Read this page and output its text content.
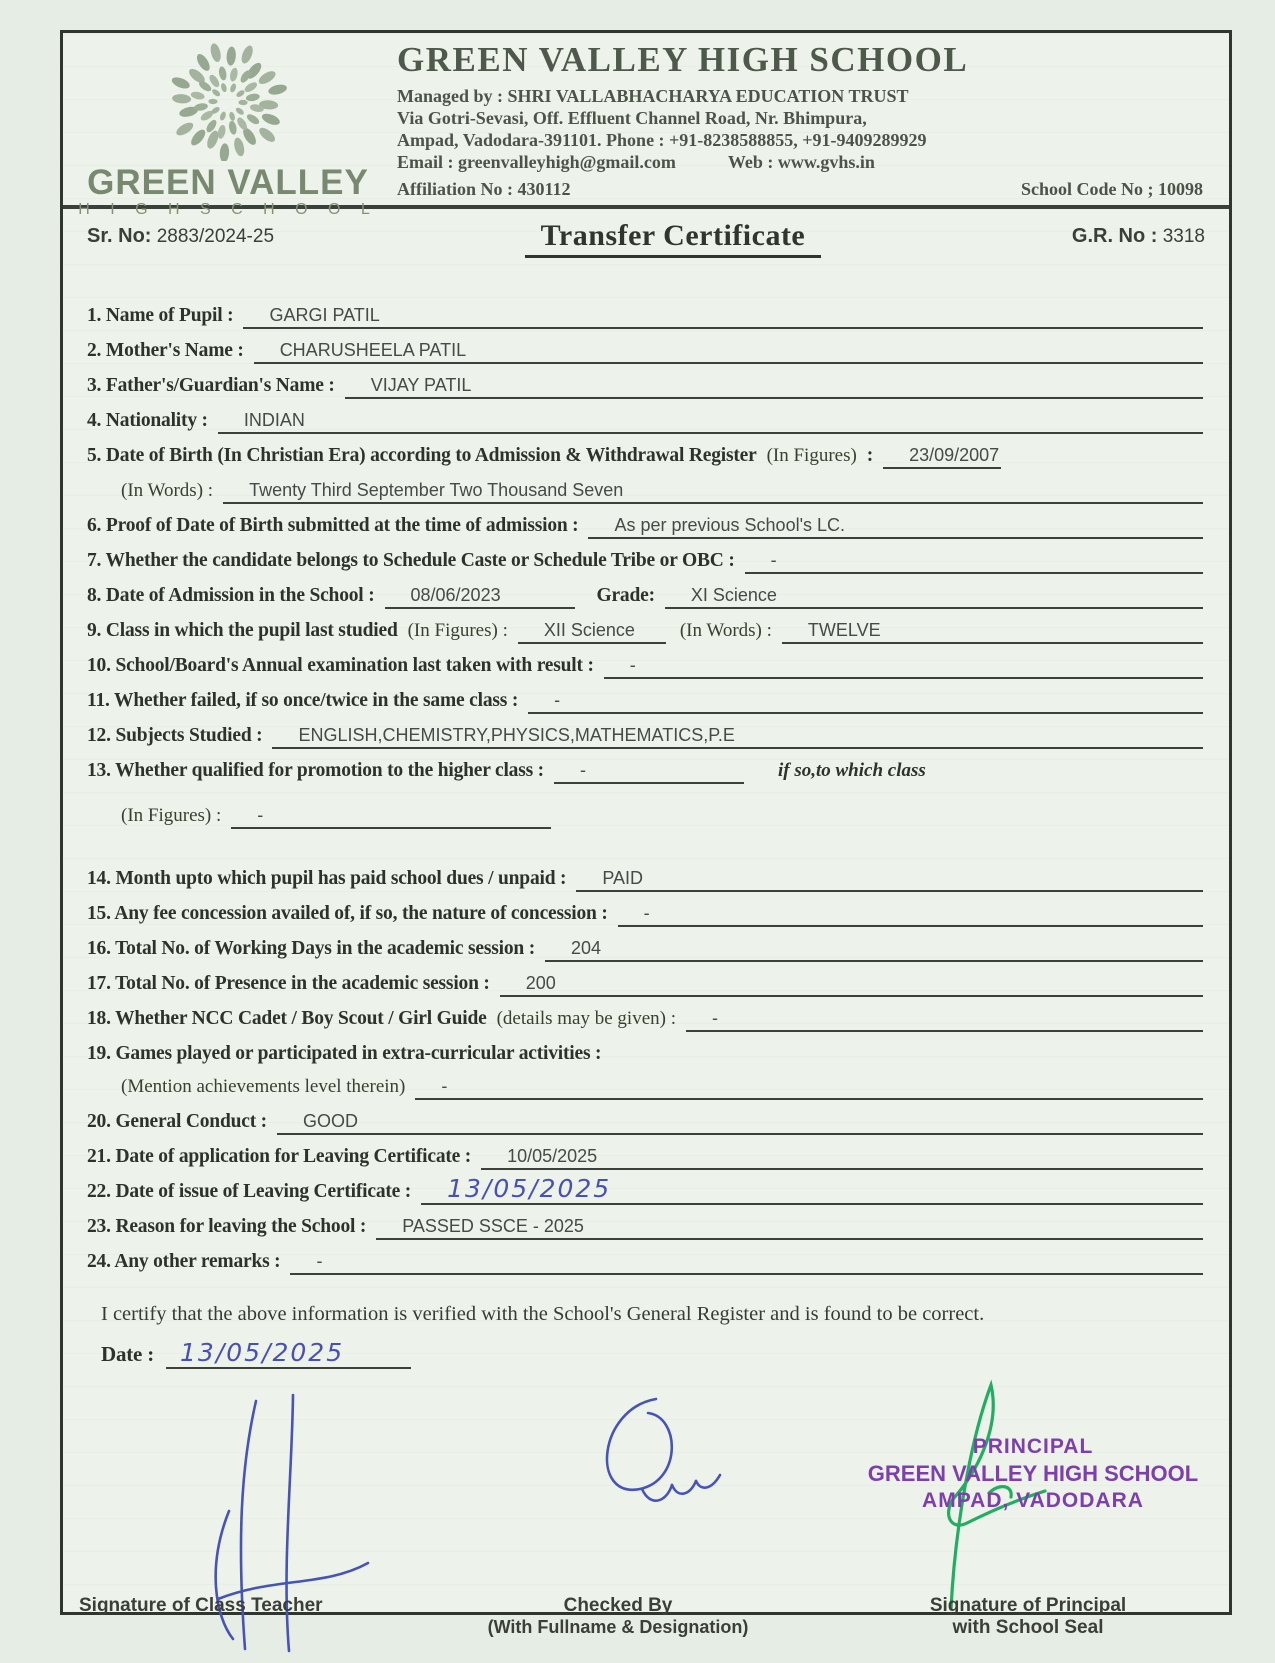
GREEN VALLEY
H I G H S C H O O L
GREEN VALLEY HIGH SCHOOL
Managed by : SHRI VALLABHACHARYA EDUCATION TRUST
Via Gotri-Sevasi, Off. Effluent Channel Road, Nr. Bhimpura,
Ampad, Vadodara-391101. Phone : +91-8238588855, +91-9409289929
Email : greenvalleyhigh@gmail.com	Web : www.gvhs.in
Affiliation No : 430112	School Code No ; 10098
Sr. No: 2883/2024-25	Transfer Certificate	G.R. No : 3318
1. Name of Pupil :	GARGI PATIL
2. Mother's Name :	CHARUSHEELA PATIL
3. Father's/Guardian's Name :	VIJAY PATIL
4. Nationality :	INDIAN
5. Date of Birth (In Christian Era) according to Admission & Withdrawal Register (In Figures) :	23/09/2007
(In Words) :	Twenty Third September Two Thousand Seven
6. Proof of Date of Birth submitted at the time of admission :	As per previous School's LC.
7. Whether the candidate belongs to Schedule Caste or Schedule Tribe or OBC :	-
8. Date of Admission in the School :	08/06/2023	Grade:	XI Science
9. Class in which the pupil last studied (In Figures) :	XII Science	(In Words) :	TWELVE
10. School/Board's Annual examination last taken with result :	-
11. Whether failed, if so once/twice in the same class :	-
12. Subjects Studied :	ENGLISH,CHEMISTRY,PHYSICS,MATHEMATICS,P.E
13. Whether qualified for promotion to the higher class :	-	if so,to which class
(In Figures) :	-
14. Month upto which pupil has paid school dues / unpaid :	PAID
15. Any fee concession availed of, if so, the nature of concession :	-
16. Total No. of Working Days in the academic session :	204
17. Total No. of Presence in the academic session :	200
18. Whether NCC Cadet / Boy Scout / Girl Guide (details may be given) :	-
19. Games played or participated in extra-curricular activities :
(Mention achievements level therein)	-
20. General Conduct :	GOOD
21. Date of application for Leaving Certificate :	10/05/2025
22. Date of issue of Leaving Certificate :	13/05/2025
23. Reason for leaving the School :	PASSED SSCE - 2025
24. Any other remarks :	-
I certify that the above information is verified with the School's General Register and is found to be correct.
Date :	13/05/2025
PRINCIPAL
GREEN VALLEY HIGH SCHOOL
AMPAD, VADODARA
Signature of Class Teacher	Checked By
(With Fullname & Designation)
Signature of Principal
with School Seal
